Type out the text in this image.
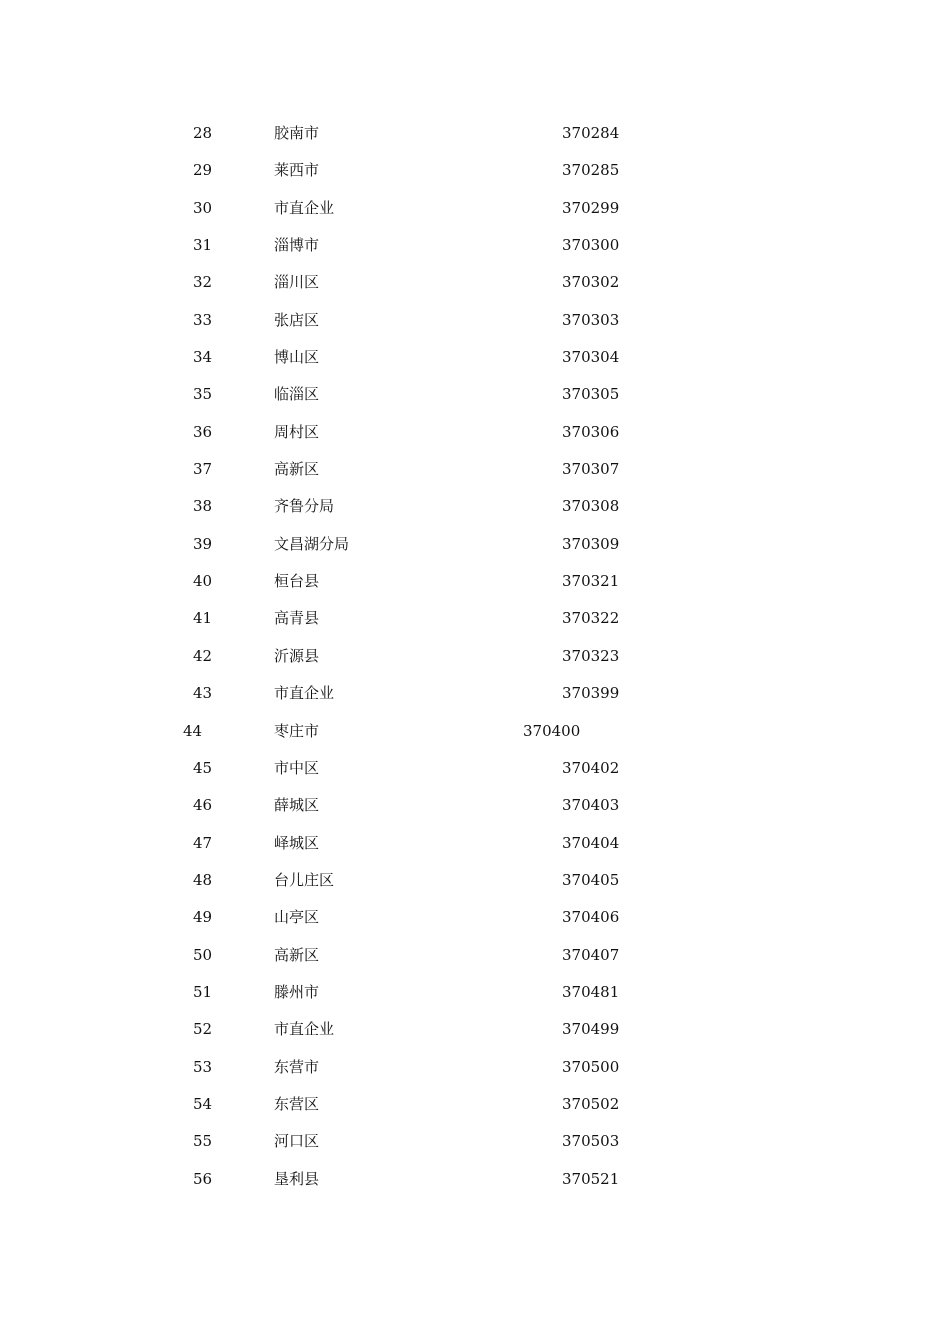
28	胶南市	370284
29	莱西市	370285
30	市直企业	370299
31	淄博市	370300
32	淄川区	370302
33	张店区	370303
34	博山区	370304
35	临淄区	370305
36	周村区	370306
37	高新区	370307
38	齐鲁分局	370308
39	文昌湖分局	370309
40	桓台县	370321
41	高青县	370322
42	沂源县	370323
43	市直企业	370399
44	枣庄市	370400
45	市中区	370402
46	薛城区	370403
47	峄城区	370404
48	台儿庄区	370405
49	山亭区	370406
50	高新区	370407
51	滕州市	370481
52	市直企业	370499
53	东营市	370500
54	东营区	370502
55	河口区	370503
56	垦利县	370521
